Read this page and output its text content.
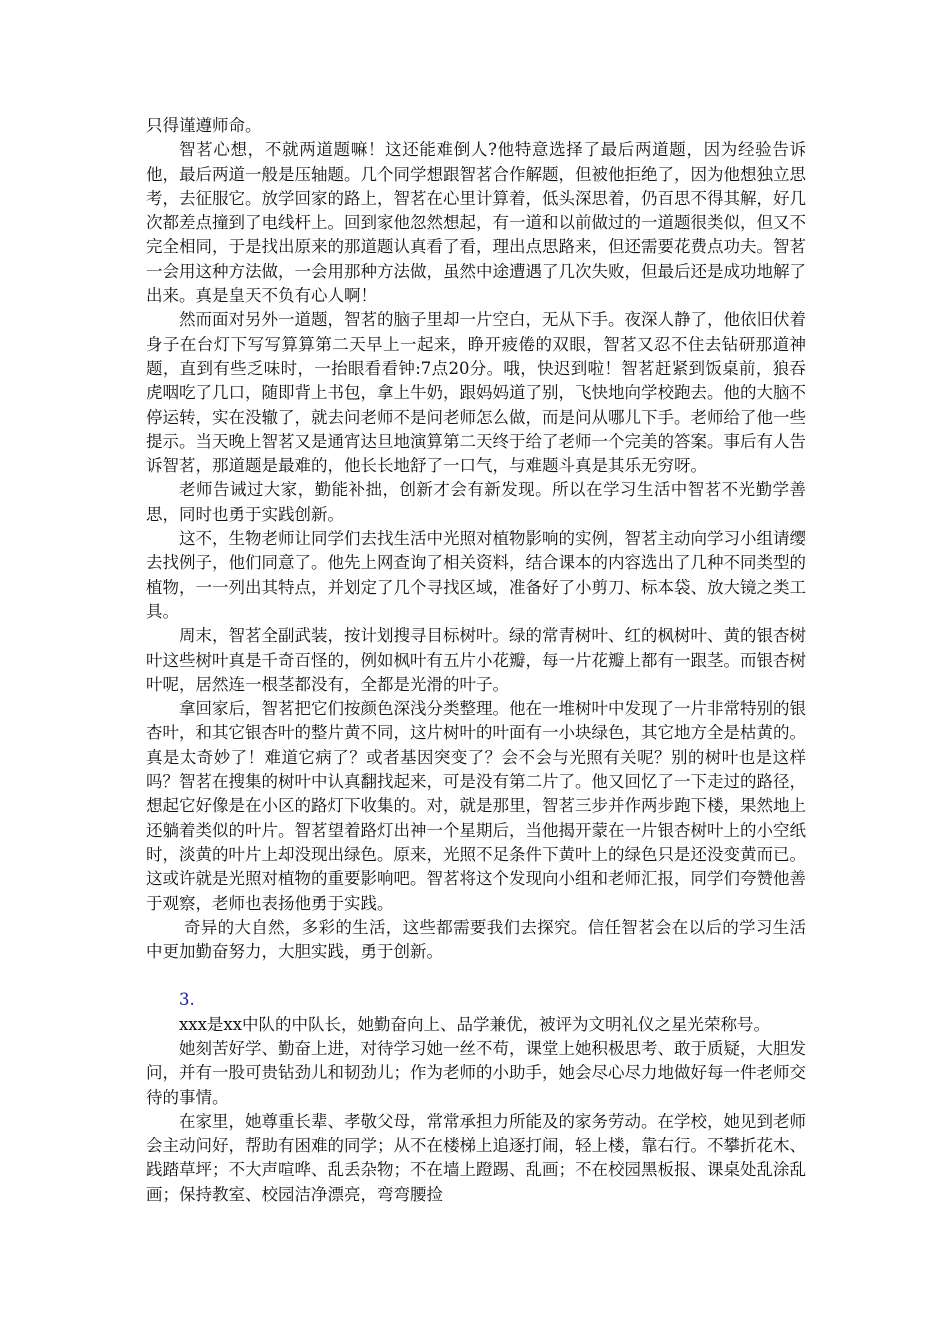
只得谨遵师命。

智茗心想，不就两道题嘛！这还能难倒人?他特意选择了最后两道题，因为经验告诉他，最后两道一般是压轴题。几个同学想跟智茗合作解题，但被他拒绝了，因为他想独立思考，去征服它。放学回家的路上，智茗在心里计算着，低头深思着，仍百思不得其解，好几次都差点撞到了电线杆上。回到家他忽然想起，有一道和以前做过的一道题很类似，但又不完全相同，于是找出原来的那道题认真看了看，理出点思路来，但还需要花费点功夫。智茗一会用这种方法做，一会用那种方法做，虽然中途遭遇了几次失败，但最后还是成功地解了出来。真是皇天不负有心人啊！

然而面对另外一道题，智茗的脑子里却一片空白，无从下手。夜深人静了，他依旧伏着身子在台灯下写写算算第二天早上一起来，睁开疲倦的双眼，智茗又忍不住去钻研那道神题，直到有些乏味时，一抬眼看看钟:7点20分。哦，快迟到啦！智茗赶紧到饭桌前，狼吞虎咽吃了几口，随即背上书包，拿上牛奶，跟妈妈道了别，飞快地向学校跑去。他的大脑不停运转，实在没辙了，就去问老师不是问老师怎么做，而是问从哪儿下手。老师给了他一些提示。当天晚上智茗又是通宵达旦地演算第二天终于给了老师一个完美的答案。事后有人告诉智茗，那道题是最难的，他长长地舒了一口气，与难题斗真是其乐无穷呀。

老师告诫过大家，勤能补拙，创新才会有新发现。所以在学习生活中智茗不光勤学善思，同时也勇于实践创新。

这不，生物老师让同学们去找生活中光照对植物影响的实例，智茗主动向学习小组请缨去找例子，他们同意了。他先上网查询了相关资料，结合课本的内容选出了几种不同类型的植物，一一列出其特点，并划定了几个寻找区域，准备好了小剪刀、标本袋、放大镜之类工具。

周末，智茗全副武装，按计划搜寻目标树叶。绿的常青树叶、红的枫树叶、黄的银杏树叶这些树叶真是千奇百怪的，例如枫叶有五片小花瓣，每一片花瓣上都有一跟茎。而银杏树叶呢，居然连一根茎都没有，全都是光滑的叶子。

拿回家后，智茗把它们按颜色深浅分类整理。他在一堆树叶中发现了一片非常特别的银杏叶，和其它银杏叶的整片黄不同，这片树叶的叶面有一小块绿色，其它地方全是枯黄的。真是太奇妙了！难道它病了？或者基因突变了？会不会与光照有关呢？别的树叶也是这样吗？智茗在搜集的树叶中认真翻找起来，可是没有第二片了。他又回忆了一下走过的路径，想起它好像是在小区的路灯下收集的。对，就是那里，智茗三步并作两步跑下楼，果然地上还躺着类似的叶片。智茗望着路灯出神一个星期后，当他揭开蒙在一片银杏树叶上的小空纸时，淡黄的叶片上却没现出绿色。原来，光照不足条件下黄叶上的绿色只是还没变黄而已。这或许就是光照对植物的重要影响吧。智茗将这个发现向小组和老师汇报，同学们夸赞他善于观察，老师也表扬他勇于实践。

奇异的大自然，多彩的生活，这些都需要我们去探究。信任智茗会在以后的学习生活中更加勤奋努力，大胆实践，勇于创新。

3.

xxx是xx中队的中队长，她勤奋向上、品学兼优，被评为文明礼仪之星光荣称号。

她刻苦好学、勤奋上进，对待学习她一丝不苟，课堂上她积极思考、敢于质疑，大胆发问，并有一股可贵钻劲儿和韧劲儿；作为老师的小助手，她会尽心尽力地做好每一件老师交待的事情。

在家里，她尊重长辈、孝敬父母，常常承担力所能及的家务劳动。在学校，她见到老师会主动问好，帮助有困难的同学；从不在楼梯上追逐打闹，轻上楼，靠右行。不攀折花木、践踏草坪；不大声喧哗、乱丢杂物；不在墙上蹬踢、乱画；不在校园黑板报、课桌处乱涂乱画；保持教室、校园洁净漂亮，弯弯腰捡
